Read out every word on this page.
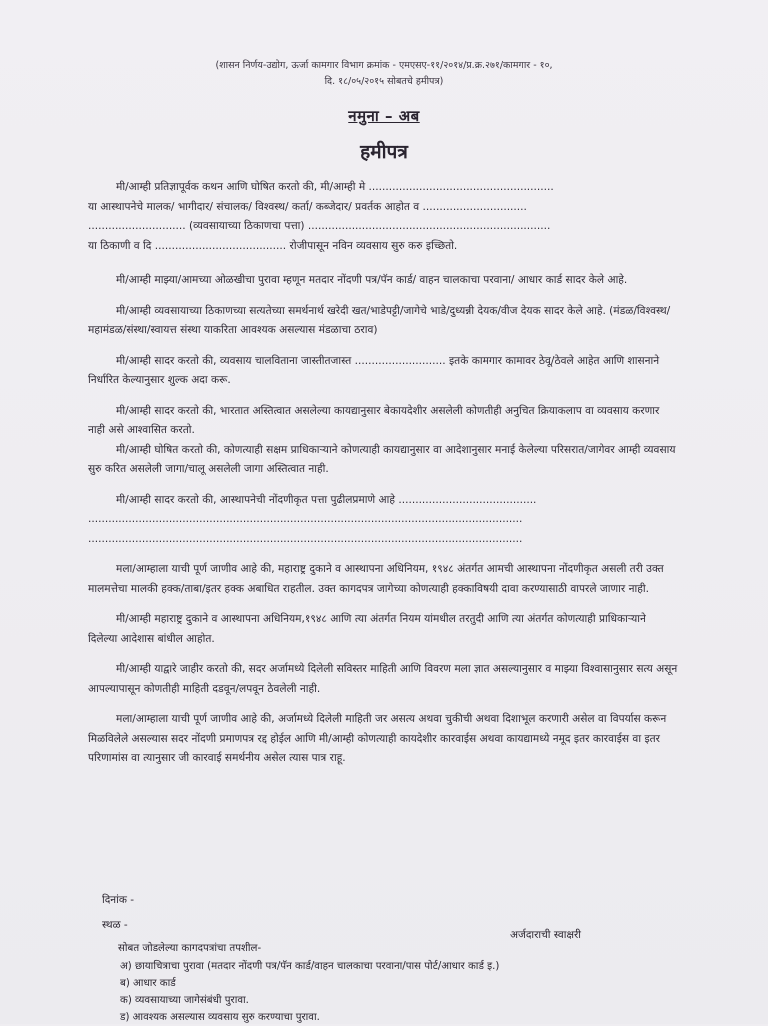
(शासन निर्णय-उद्योग, ऊर्जा कामगार विभाग क्रमांक - एमएसए-११/२०१४/प्र.क्र.२७१/कामगार - १०,
दि. १८/०५/२०१५ सोबतचे हमीपत्र)
नमुना – अब
हमीपत्र

मी/आम्ही प्रतिज्ञापूर्वक कथन आणि घोषित करतो की, मी/आम्ही मे .......................................................

या आस्थापनेचे मालक/ भागीदार/ संचालक/ विश्वस्थ/ कर्ता/ कब्जेदार/ प्रवर्तक आहोत व ...............................

............................. (व्यवसायाच्या ठिकाणचा पत्ता) ........................................................................

या ठिकाणी व दि ....................................... रोजीपासून नविन व्यवसाय सुरु करु इच्छितो.

मी/आम्ही माझ्या/आमच्या ओळखीचा पुरावा म्हणून मतदार नोंदणी पत्र/पॅन कार्ड/ वाहन चालकाचा परवाना/ आधार कार्ड सादर केले आहे.

मी/आम्ही व्यवसायाच्या ठिकाणच्या सत्यतेच्या समर्थनार्थ खरेदी खत/भाडेपट्टी/जागेचे भाडे/दुध्यन्नी देयक/वीज देयक सादर केले आहे. (मंडळ/विश्वस्थ/महामंडळ/संस्था/स्वायत्त संस्था याकरिता आवश्यक असल्यास मंडळाचा ठराव)

मी/आम्ही सादर करतो की, व्यवसाय चालविताना जास्तीतजास्त ........................... इतके कामगार कामावर ठेवू/ठेवले आहेत आणि शासनाने निर्धारित केल्यानुसार शुल्क अदा करू.

मी/आम्ही सादर करतो की, भारतात अस्तित्वात असलेल्या कायद्यानुसार बेकायदेशीर असलेली कोणतीही अनुचित क्रियाकलाप वा व्यवसाय करणार नाही असे आश्वासित करतो.

मी/आम्ही घोषित करतो की, कोणत्याही सक्षम प्राधिकाऱ्याने कोणत्याही कायद्यानुसार वा आदेशानुसार मनाई केलेल्या परिसरात/जागेवर आम्ही व्यवसाय सुरु करित असलेली जागा/चालू असलेली जागा अस्तित्वात नाही.

मी/आम्ही सादर करतो की, आस्थापनेची नोंदणीकृत पत्ता पुढीलप्रमाणे आहे .........................................

.................................................................................................................................

.................................................................................................................................

मला/आम्हाला याची पूर्ण जाणीव आहे की, महाराष्ट्र दुकाने व आस्थापना अधिनियम, १९४८ अंतर्गत आमची आस्थापना नोंदणीकृत असली तरी उक्त मालमत्तेचा मालकी हक्क/ताबा/इतर हक्क अबाधित राहतील. उक्त कागदपत्र जागेच्या कोणत्याही हक्काविषयी दावा करण्यासाठी वापरले जाणार नाही.

मी/आम्ही महाराष्ट्र दुकाने व आस्थापना अधिनियम,१९४८ आणि त्या अंतर्गत नियम यांमधील तरतुदी आणि त्या अंतर्गत कोणत्याही प्राधिकाऱ्याने दिलेल्या आदेशास बांधील आहोत.

मी/आम्ही याद्वारे जाहीर करतो की, सदर अर्जामध्ये दिलेली सविस्तर माहिती आणि विवरण मला ज्ञात असल्यानुसार व माझ्या विश्वासानुसार सत्य असून आपल्यापासून कोणतीही माहिती दडवून/लपवून ठेवलेली नाही.

मला/आम्हाला याची पूर्ण जाणीव आहे की, अर्जामध्ये दिलेली माहिती जर असत्य अथवा चुकीची अथवा दिशाभूल करणारी असेल वा विपर्यास करून मिळविलेले असल्यास सदर नोंदणी प्रमाणपत्र रद्द होईल आणि मी/आम्ही कोणत्याही कायदेशीर कारवाईस अथवा कायद्यामध्ये नमूद इतर कारवाईस वा इतर परिणामांस वा त्यानुसार जी कारवाई समर्थनीय असेल त्यास पात्र राहू.

दिनांक -
स्थळ -
अर्जदाराची स्वाक्षरी
सोबत जोडलेल्या कागदपत्रांचा तपशील-
अ) छायाचित्राचा पुरावा (मतदार नोंदणी पत्र/पॅन कार्ड/वाहन चालकाचा परवाना/पास पोर्ट/आधार कार्ड इ.)
ब) आधार कार्ड
क) व्यवसायाच्या जागेसंबंधी पुरावा.
ड) आवश्यक असल्यास व्यवसाय सुरु करण्याचा पुरावा.
